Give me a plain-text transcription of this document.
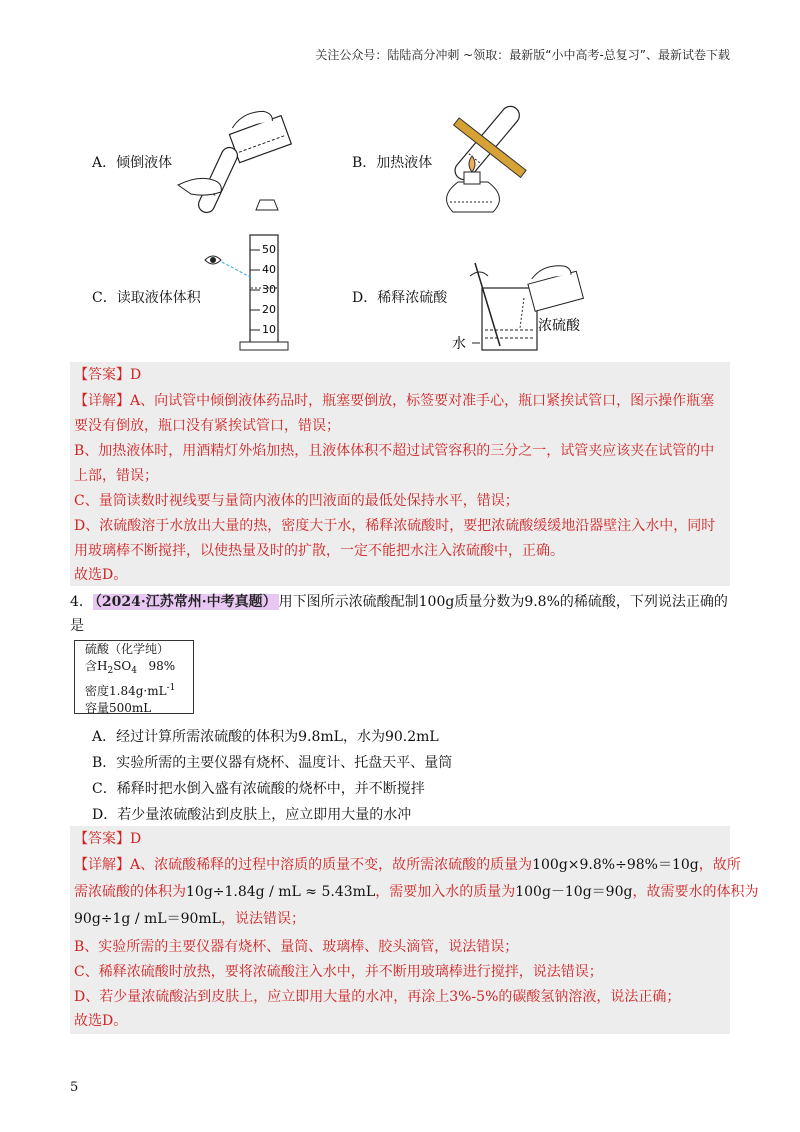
关注公众号：陆陆高分冲刺 ~领取：最新版“小中高考-总复习”、最新试卷下载
A．倾倒液体	B．加热液体
C．读取液体体积	D．稀释浓硫酸
50
40
30
20
10
水
浓硫酸
【答案】D
【详解】A、向试管中倾倒液体药品时，瓶塞要倒放，标签要对准手心，瓶口紧挨试管口，图示操作瓶塞
要没有倒放，瓶口没有紧挨试管口，错误；
B、加热液体时，用酒精灯外焰加热，且液体体积不超过试管容积的三分之一，试管夹应该夹在试管的中
上部，错误；
C、量筒读数时视线要与量筒内液体的凹液面的最低处保持水平，错误；
D、浓硫酸溶于水放出大量的热，密度大于水，稀释浓硫酸时，要把浓硫酸缓缓地沿器壁注入水中，同时
用玻璃棒不断搅拌，以使热量及时的扩散，一定不能把水注入浓硫酸中，正确。
故选D。
4． （2024·江苏常州·中考真题） 用下图所示浓硫酸配制100g质量分数为9.8%的稀硫酸，下列说法正确的
是
硫酸（化学纯）
含$H_2SO_4$ 98%
密度$1.84g\cdot mL^{-1}$
容量500mL
A．经过计算所需浓硫酸的体积为9.8mL，水为90.2mL
B．实验所需的主要仪器有烧杯、温度计、托盘天平、量筒
C．稀释时把水倒入盛有浓硫酸的烧杯中，并不断搅拌
D．若少量浓硫酸沾到皮肤上，应立即用大量的水冲
【答案】D
【详解】A、浓硫酸稀释的过程中溶质的质量不变，故所需浓硫酸的质量为100g×9.8%÷98%＝10g，故所
需浓硫酸的体积为10g÷1.84g / mL ≈ 5.43mL，需要加入水的质量为100g－10g＝90g，故需要水的体积为
90g÷1g / mL＝90mL，说法错误；
B、实验所需的主要仪器有烧杯、量筒、玻璃棒、胶头滴管，说法错误；
C、稀释浓硫酸时放热，要将浓硫酸注入水中，并不断用玻璃棒进行搅拌，说法错误；
D、若少量浓硫酸沾到皮肤上，应立即用大量的水冲，再涂上3%-5%的碳酸氢钠溶液，说法正确；
故选D。
5
